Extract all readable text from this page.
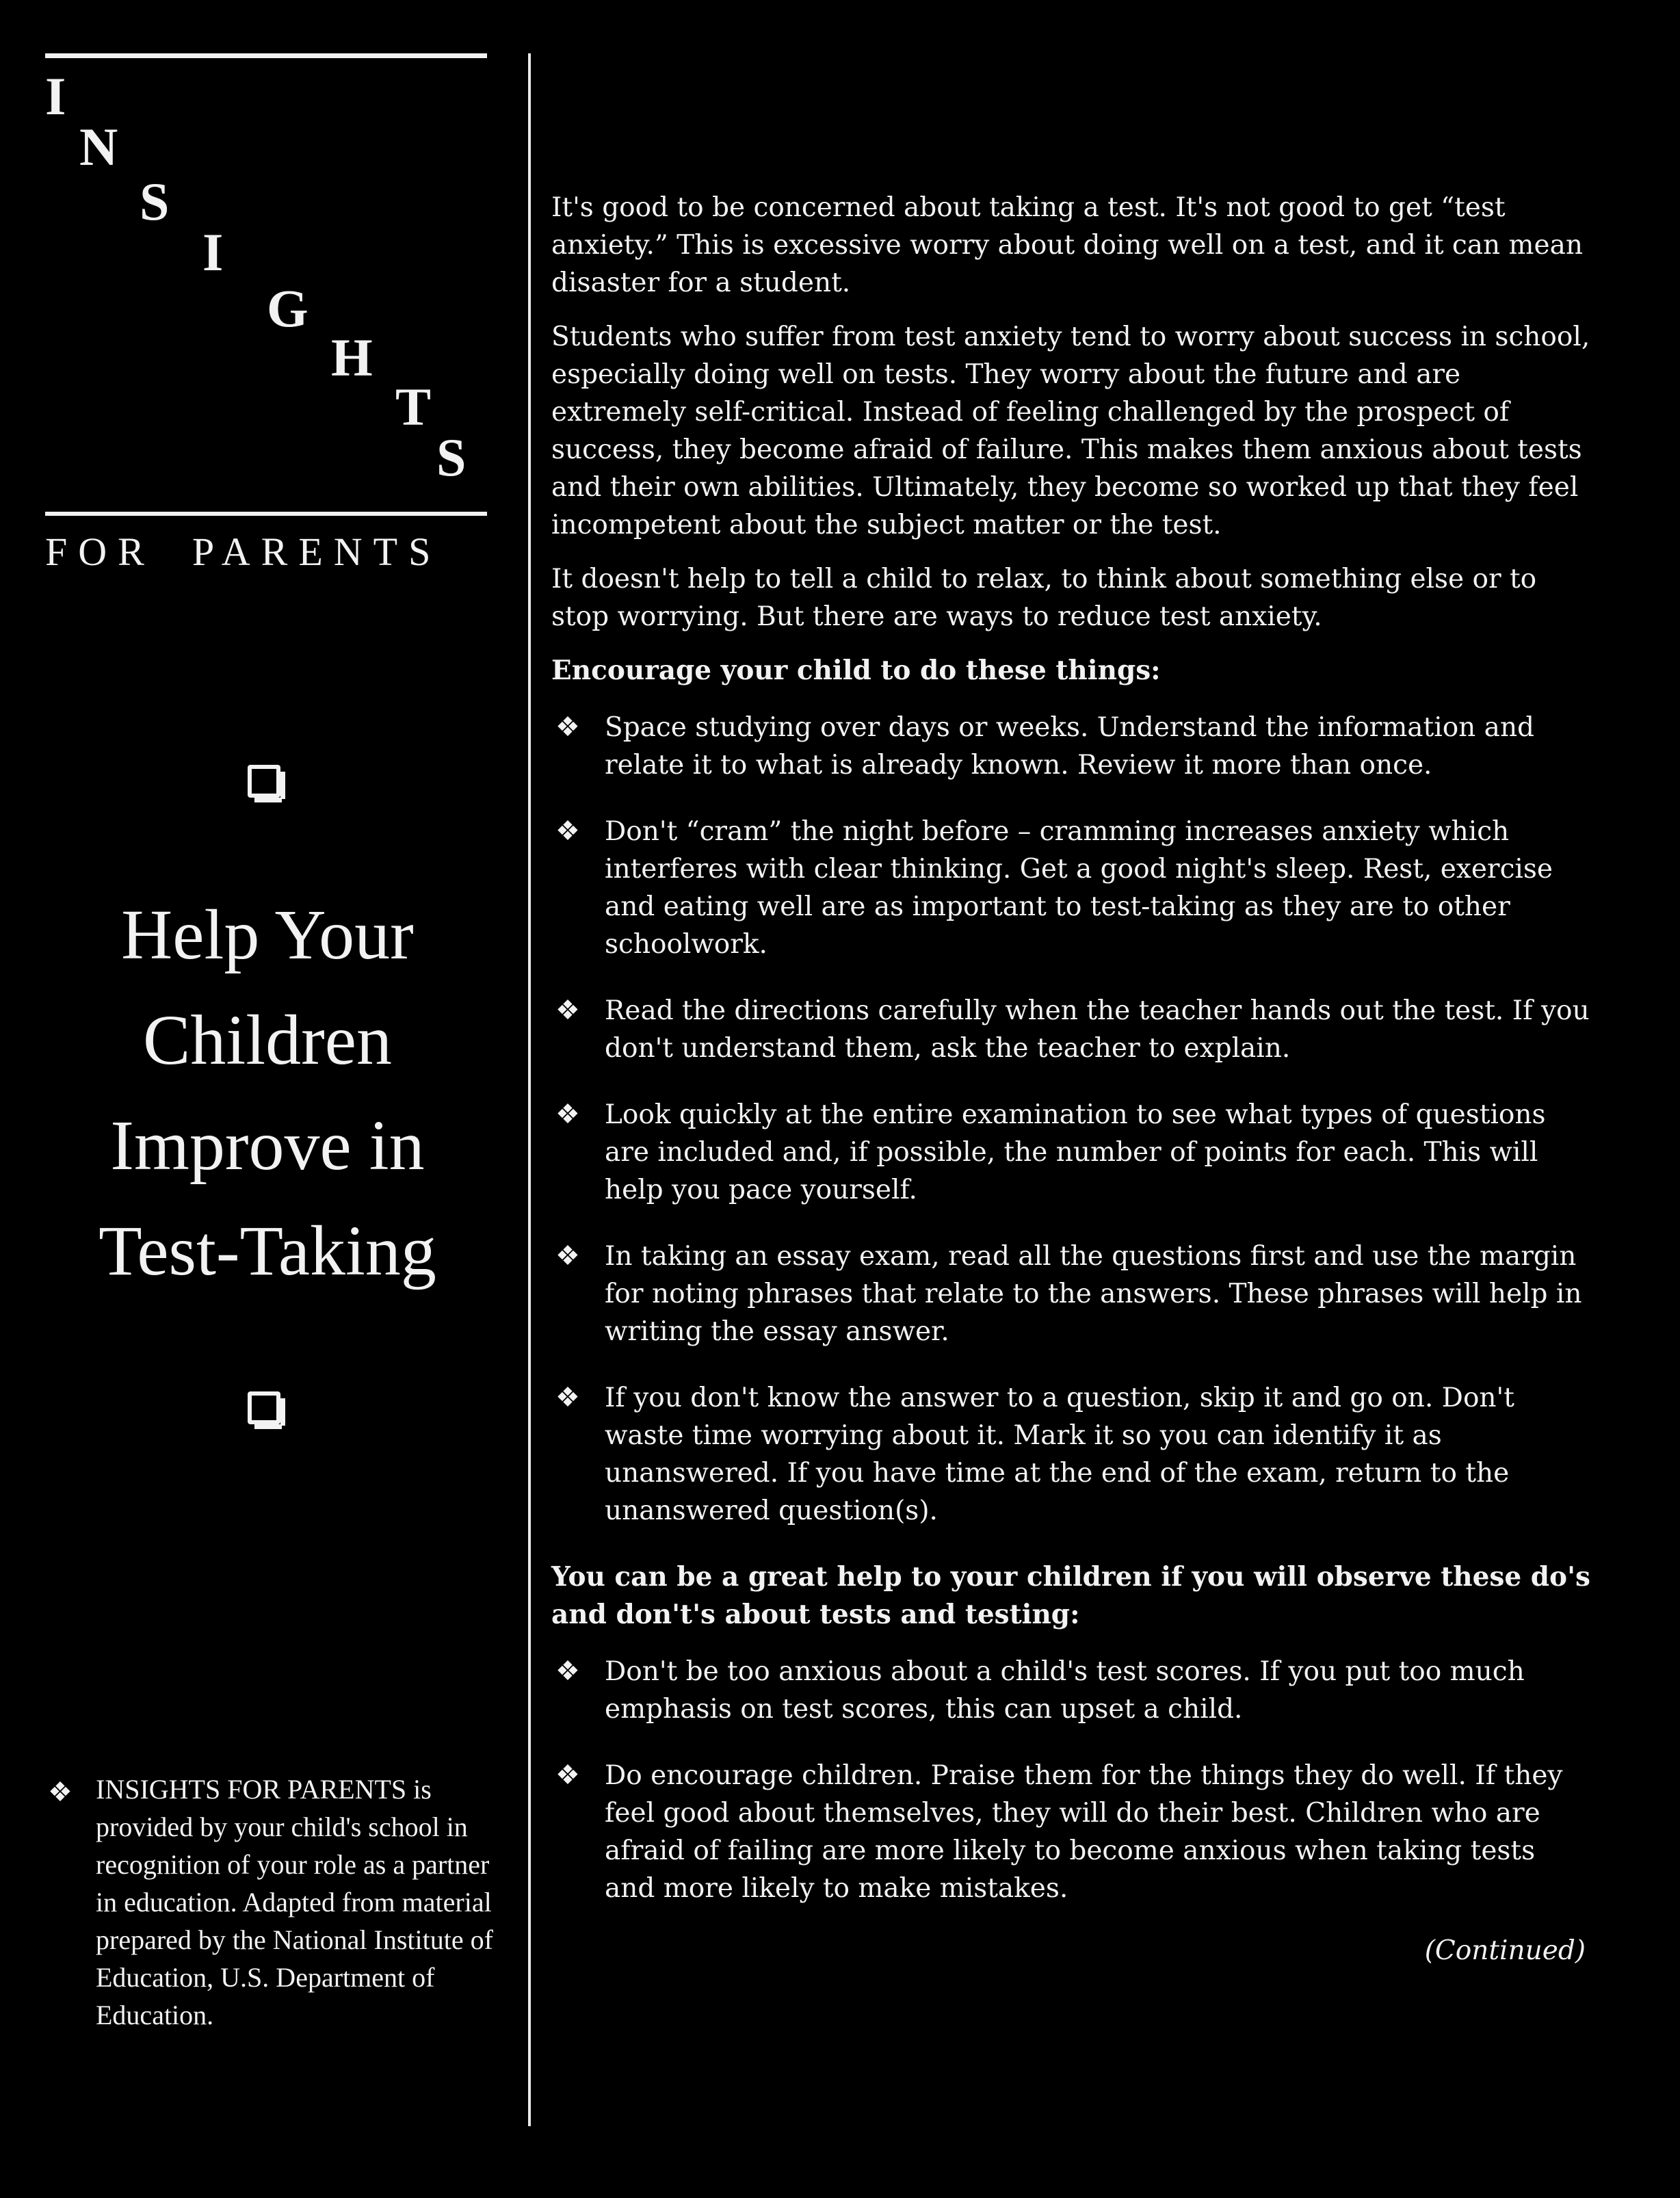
I
N
S
I
G
H
T
S
FOR PARENTS
Help Your
Children
Improve in
Test-Taking
❖ INSIGHTS FOR PARENTS is provided by your child's school in recognition of your role as a partner in education. Adapted from material prepared by the National Institute of Education, U.S. Department of Education.

It's good to be concerned about taking a test. It's not good to get “test anxiety.” This is excessive worry about doing well on a test, and it can mean disaster for a student.

Students who suffer from test anxiety tend to worry about success in school, especially doing well on tests. They worry about the future and are extremely self-critical. Instead of feeling challenged by the prospect of success, they become afraid of failure. This makes them anxious about tests and their own abilities. Ultimately, they become so worked up that they feel incompetent about the subject matter or the test.

It doesn't help to tell a child to relax, to think about something else or to stop worrying. But there are ways to reduce test anxiety.

Encourage your child to do these things:
❖ Space studying over days or weeks. Understand the information and relate it to what is already known. Review it more than once.
❖ Don't “cram” the night before – cramming increases anxiety which interferes with clear thinking. Get a good night's sleep. Rest, exercise and eating well are as important to test-taking as they are to other schoolwork.
❖ Read the directions carefully when the teacher hands out the test. If you don't understand them, ask the teacher to explain.
❖ Look quickly at the entire examination to see what types of questions are included and, if possible, the number of points for each. This will help you pace yourself.
❖ In taking an essay exam, read all the questions first and use the margin for noting phrases that relate to the answers. These phrases will help in writing the essay answer.
❖ If you don't know the answer to a question, skip it and go on. Don't waste time worrying about it. Mark it so you can identify it as unanswered. If you have time at the end of the exam, return to the unanswered question(s).
You can be a great help to your children if you will observe these do's and don't's about tests and testing:
❖ Don't be too anxious about a child's test scores. If you put too much emphasis on test scores, this can upset a child.
❖ Do encourage children. Praise them for the things they do well. If they feel good about themselves, they will do their best. Children who are afraid of failing are more likely to become anxious when taking tests and more likely to make mistakes.
(Continued)
